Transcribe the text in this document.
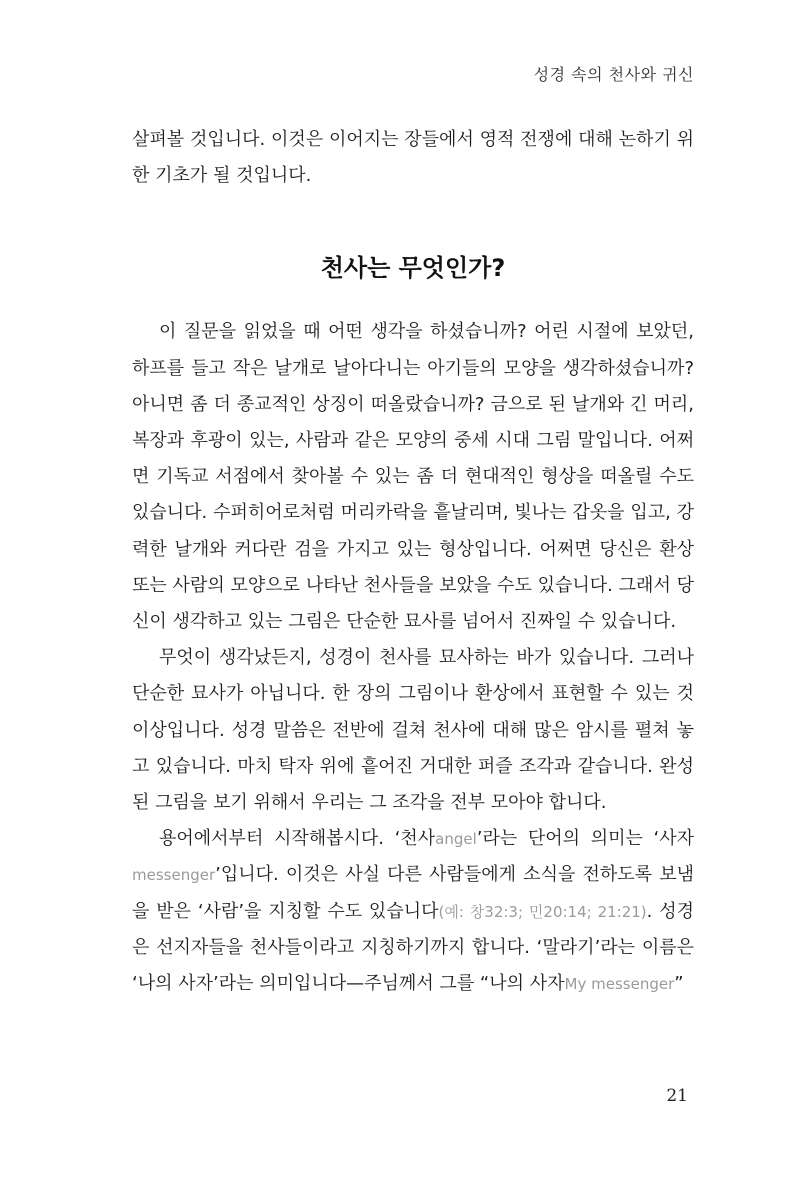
성경 속의 천사와 귀신

살펴볼 것입니다. 이것은 이어지는 장들에서 영적 전쟁에 대해 논하기 위한 기초가 될 것입니다.

천사는 무엇인가?

이 질문을 읽었을 때 어떤 생각을 하셨습니까? 어린 시절에 보았던, 하프를 들고 작은 날개로 날아다니는 아기들의 모양을 생각하셨습니까? 아니면 좀 더 종교적인 상징이 떠올랐습니까? 금으로 된 날개와 긴 머리, 복장과 후광이 있는, 사람과 같은 모양의 중세 시대 그림 말입니다. 어쩌면 기독교 서점에서 찾아볼 수 있는 좀 더 현대적인 형상을 떠올릴 수도 있습니다. 수퍼히어로처럼 머리카락을 흩날리며, 빛나는 갑옷을 입고, 강력한 날개와 커다란 검을 가지고 있는 형상입니다. 어쩌면 당신은 환상 또는 사람의 모양으로 나타난 천사들을 보았을 수도 있습니다. 그래서 당신이 생각하고 있는 그림은 단순한 묘사를 넘어서 진짜일 수 있습니다.

무엇이 생각났든지, 성경이 천사를 묘사하는 바가 있습니다. 그러나 단순한 묘사가 아닙니다. 한 장의 그림이나 환상에서 표현할 수 있는 것 이상입니다. 성경 말씀은 전반에 걸쳐 천사에 대해 많은 암시를 펼쳐 놓고 있습니다. 마치 탁자 위에 흩어진 거대한 퍼즐 조각과 같습니다. 완성된 그림을 보기 위해서 우리는 그 조각을 전부 모아야 합니다.

용어에서부터 시작해봅시다. ‘천사angel’라는 단어의 의미는 ‘사자messenger’입니다. 이것은 사실 다른 사람들에게 소식을 전하도록 보냄을 받은 ‘사람’을 지칭할 수도 있습니다(예: 창32:3; 민20:14; 21:21). 성경은 선지자들을 천사들이라고 지칭하기까지 합니다. ‘말라기’라는 이름은 ‘나의 사자’라는 의미입니다—주님께서 그를 “나의 사자My messenger”

21
